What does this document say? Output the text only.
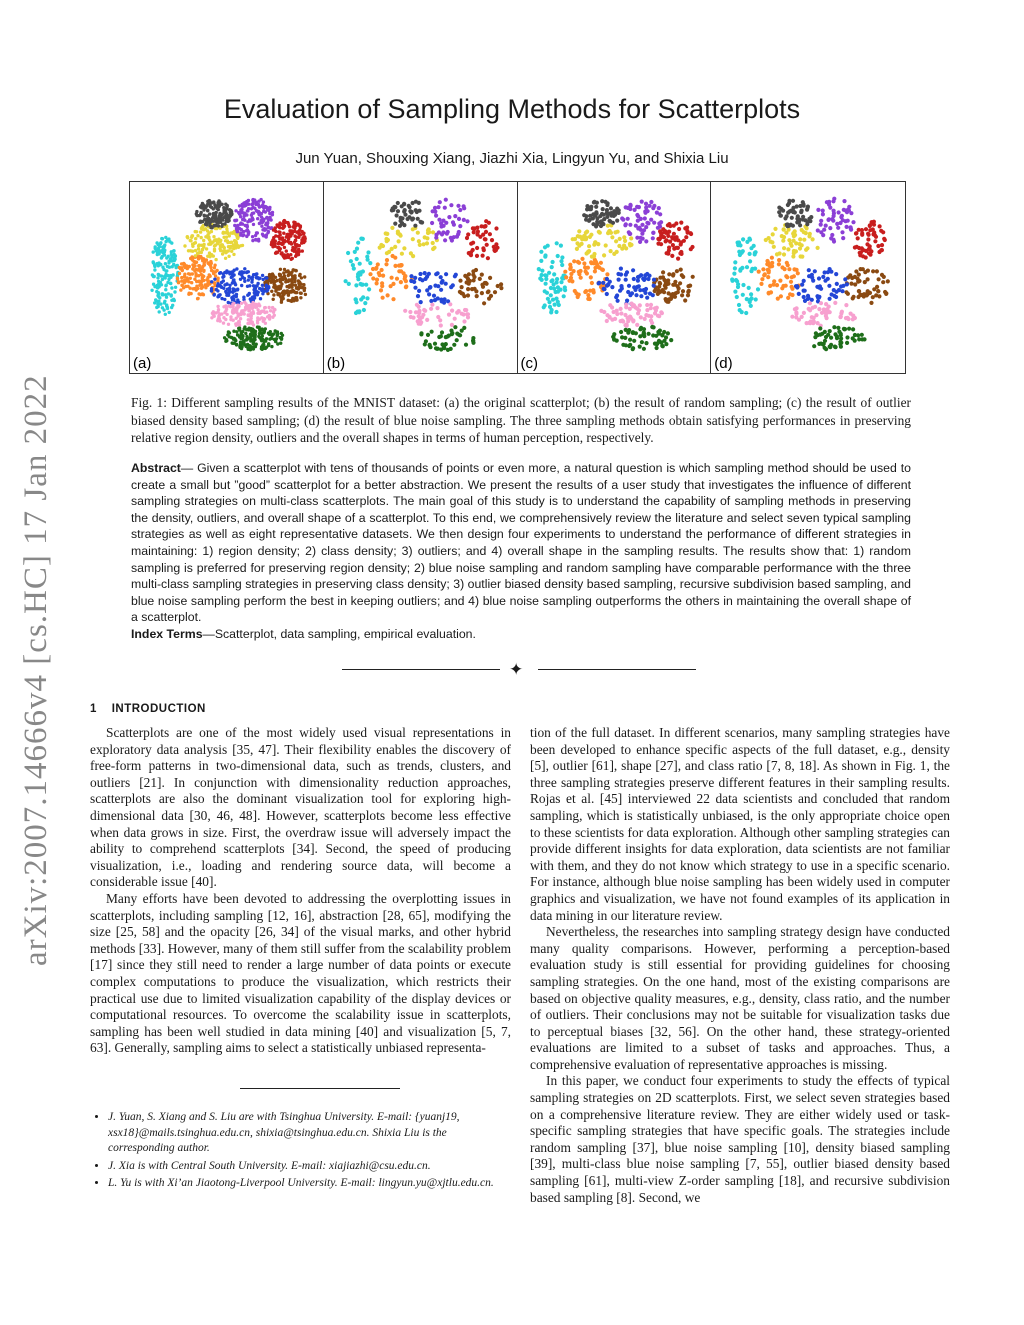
arXiv:2007.14666v4 [cs.HC] 17 Jan 2022
Evaluation of Sampling Methods for Scatterplots
Jun Yuan, Shouxing Xiang, Jiazhi Xia, Lingyun Yu, and Shixia Liu
(a)	(b)	(c)	(d)
Fig. 1: Different sampling results of the MNIST dataset: (a) the original scatterplot; (b) the result of random sampling; (c) the result of outlier biased density based sampling; (d) the result of blue noise sampling. The three sampling methods obtain satisfying performances in preserving relative region density, outliers and the overall shapes in terms of human perception, respectively.
Abstract— Given a scatterplot with tens of thousands of points or even more, a natural question is which sampling method should be used to create a small but ”good” scatterplot for a better abstraction. We present the results of a user study that investigates the influence of different sampling strategies on multi-class scatterplots. The main goal of this study is to understand the capability of sampling methods in preserving the density, outliers, and overall shape of a scatterplot. To this end, we comprehensively review the literature and select seven typical sampling strategies as well as eight representative datasets. We then design four experiments to understand the performance of different strategies in maintaining: 1) region density; 2) class density; 3) outliers; and 4) overall shape in the sampling results. The results show that: 1) random sampling is preferred for preserving region density; 2) blue noise sampling and random sampling have comparable performance with the three multi-class sampling strategies in preserving class density; 3) outlier biased density based sampling, recursive subdivision based sampling, and blue noise sampling perform the best in keeping outliers; and 4) blue noise sampling outperforms the others in maintaining the overall shape of a scatterplot.
Index Terms—Scatterplot, data sampling, empirical evaluation.
✦
1 INTRODUCTION

Scatterplots are one of the most widely used visual representations in exploratory data analysis [35, 47]. Their flexibility enables the discovery of free-form patterns in two-dimensional data, such as trends, clusters, and outliers [21]. In conjunction with dimensionality reduction approaches, scatterplots are also the dominant visualization tool for exploring high-dimensional data [30, 46, 48]. However, scatterplots become less effective when data grows in size. First, the overdraw issue will adversely impact the ability to comprehend scatterplots [34]. Second, the speed of producing visualization, i.e., loading and rendering source data, will become a considerable issue [40].

Many efforts have been devoted to addressing the overplotting issues in scatterplots, including sampling [12, 16], abstraction [28, 65], modifying the size [25, 58] and the opacity [26, 34] of the visual marks, and other hybrid methods [33]. However, many of them still suffer from the scalability problem [17] since they still need to render a large number of data points or execute complex computations to produce the visualization, which restricts their practical use due to limited visualization capability of the display devices or computational resources. To overcome the scalability issue in scatterplots, sampling has been well studied in data mining [40] and visualization [5, 7, 63]. Generally, sampling aims to select a statistically unbiased representa-

tion of the full dataset. In different scenarios, many sampling strategies have been developed to enhance specific aspects of the full dataset, e.g., density [5], outlier [61], shape [27], and class ratio [7, 8, 18]. As shown in Fig. 1, the three sampling strategies preserve different features in their sampling results. Rojas et al. [45] interviewed 22 data scientists and concluded that random sampling, which is statistically unbiased, is the only appropriate choice open to these scientists for data exploration. Although other sampling strategies can provide different insights for data exploration, data scientists are not familiar with them, and they do not know which strategy to use in a specific scenario. For instance, although blue noise sampling has been widely used in computer graphics and visualization, we have not found examples of its application in data mining in our literature review.

Nevertheless, the researches into sampling strategy design have conducted many quality comparisons. However, performing a perception-based evaluation study is still essential for providing guidelines for choosing sampling strategies. On the one hand, most of the existing comparisons are based on objective quality measures, e.g., density, class ratio, and the number of outliers. Their conclusions may not be suitable for visualization tasks due to perceptual biases [32, 56]. On the other hand, these strategy-oriented evaluations are limited to a subset of tasks and approaches. Thus, a comprehensive evaluation of representative approaches is missing.

In this paper, we conduct four experiments to study the effects of typical sampling strategies on 2D scatterplots. First, we select seven strategies based on a comprehensive literature review. They are either widely used or task-specific sampling strategies that have specific goals. The strategies include random sampling [37], blue noise sampling [10], density biased sampling [39], multi-class blue noise sampling [7, 55], outlier biased density based sampling [61], multi-view Z-order sampling [18], and recursive subdivision based sampling [8]. Second, we

• J. Yuan, S. Xiang and S. Liu are with Tsinghua University. E-mail: {yuanj19, xsx18}@mails.tsinghua.edu.cn, shixia@tsinghua.edu.cn. Shixia Liu is the corresponding author.
• J. Xia is with Central South University. E-mail: xiajiazhi@csu.edu.cn.
• L. Yu is with Xi’an Jiaotong-Liverpool University. E-mail: lingyun.yu@xjtlu.edu.cn.
